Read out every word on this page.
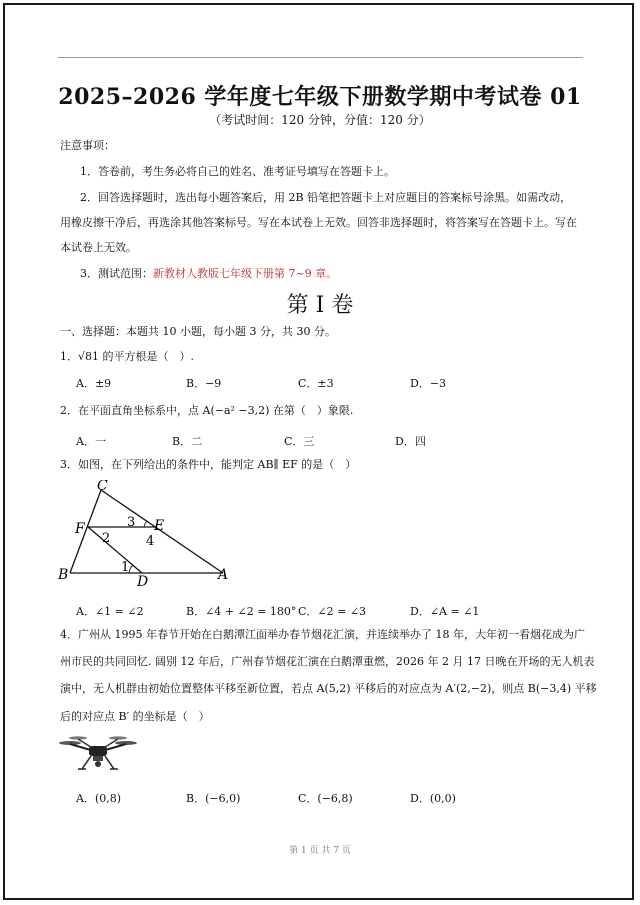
2025–2026 学年度七年级下册数学期中考试卷 01
（考试时间：120 分钟，分值：120 分）
注意事项：
1．答卷前，考生务必将自己的姓名、准考证号填写在答题卡上。
2．回答选择题时，选出每小题答案后，用 2B 铅笔把答题卡上对应题目的答案标号涂黑。如需改动，
用橡皮擦干净后，再选涂其他答案标号。写在本试卷上无效。回答非选择题时，将答案写在答题卡上。写在
本试卷上无效。
3．测试范围：新教材人教版七年级下册第 7~9 章。
第 I 卷
一、选择题：本题共 10 小题，每小题 3 分，共 30 分。
1．√81 的平方根是（　）.
A．±9	B．−9	C．±3	D．−3
2．在平面直角坐标系中，点 A(−a² −3,2) 在第（　）象限.
A．一	B．二	C．三	D．四
3．如图，在下列给出的条件中，能判定 AB∥ EF 的是（　）
C
F	E
B	D	A
3
4
2
1
A．∠1 = ∠2	B．∠4 + ∠2 = 180° C．∠2 = ∠3	D．∠A = ∠1
4．广州从 1995 年春节开始在白鹅潭江面举办春节烟花汇演，并连续举办了 18 年，大年初一看烟花成为广
州市民的共同回忆. 阔别 12 年后，广州春节烟花汇演在白鹅潭重燃，2026 年 2 月 17 日晚在开场的无人机表
演中，无人机群由初始位置整体平移至新位置，若点 A(5,2) 平移后的对应点为 A′(2,−2)，则点 B(−3,4) 平移
后的对应点 B′ 的坐标是（　）
A．(0,8)	B．(−6,0)	C．(−6,8)	D．(0,0)
第 1 页 共 7 页
